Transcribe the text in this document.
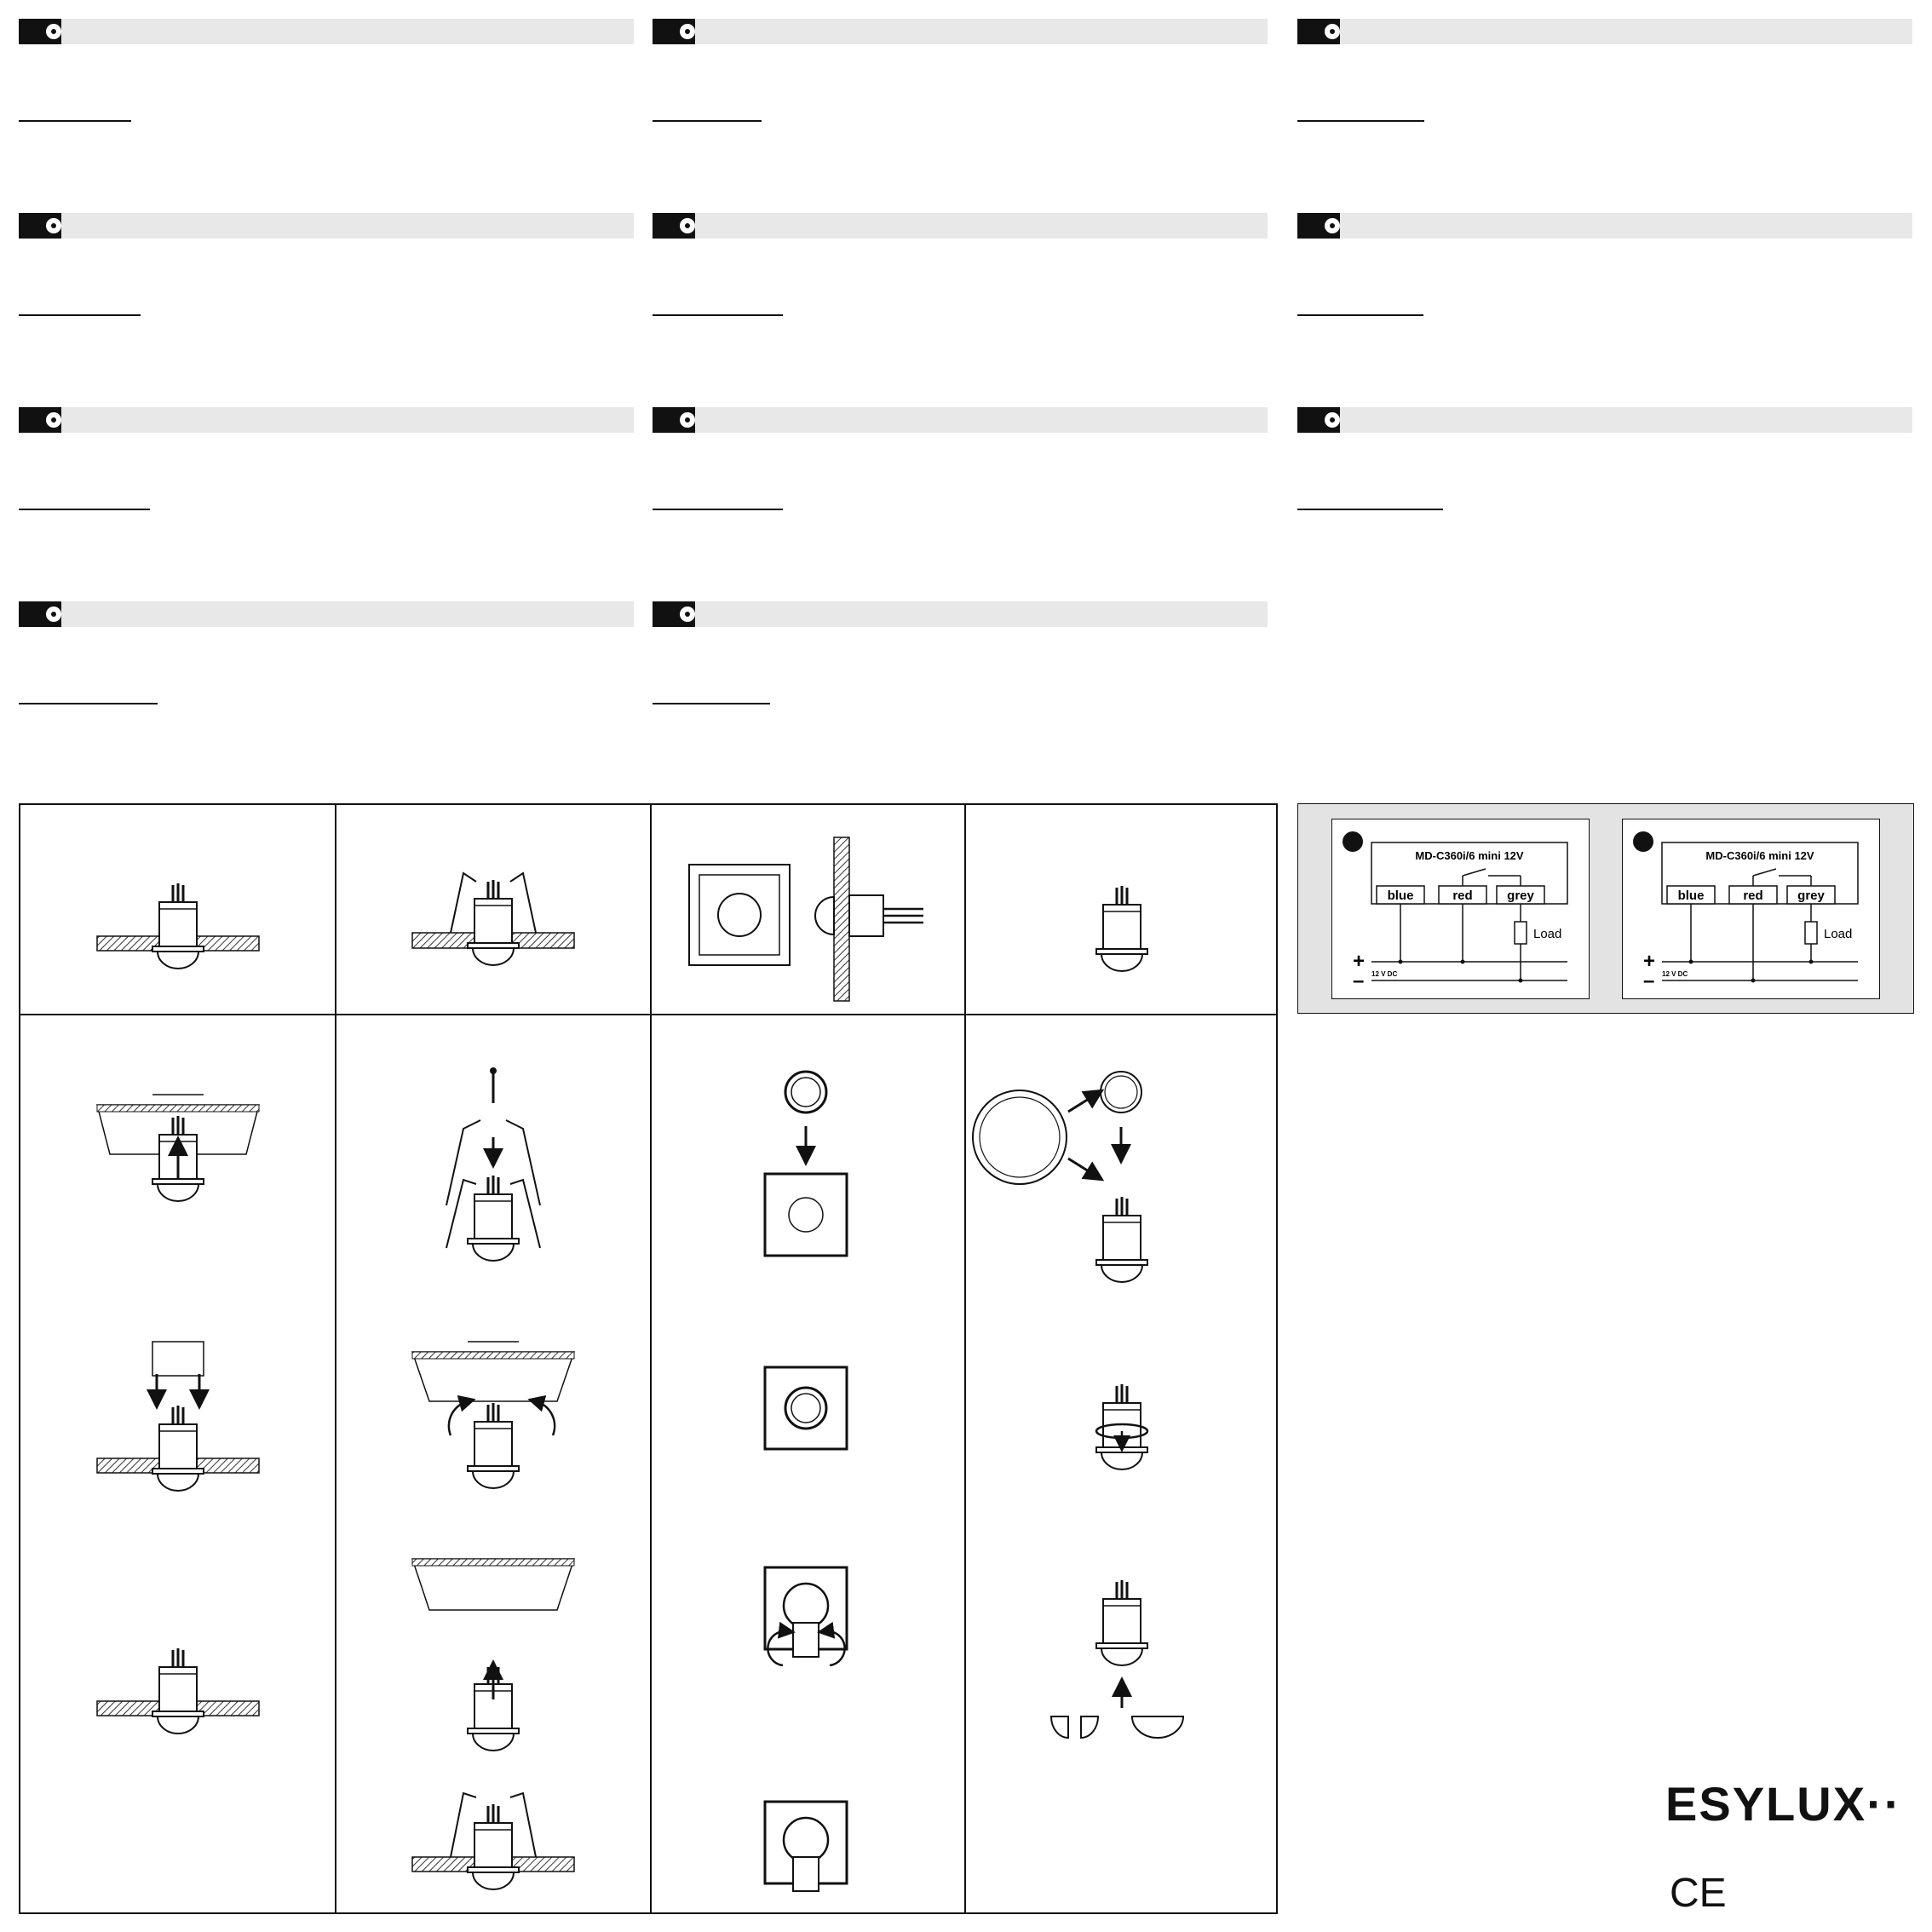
MD-C360i/6 mini 12V
blue	red	grey
Load
+
– 12 V DC
MD-C360i/6 mini 12V
blue	red	grey
Load
+
– 12 V DC
ESYLUX··
CE
